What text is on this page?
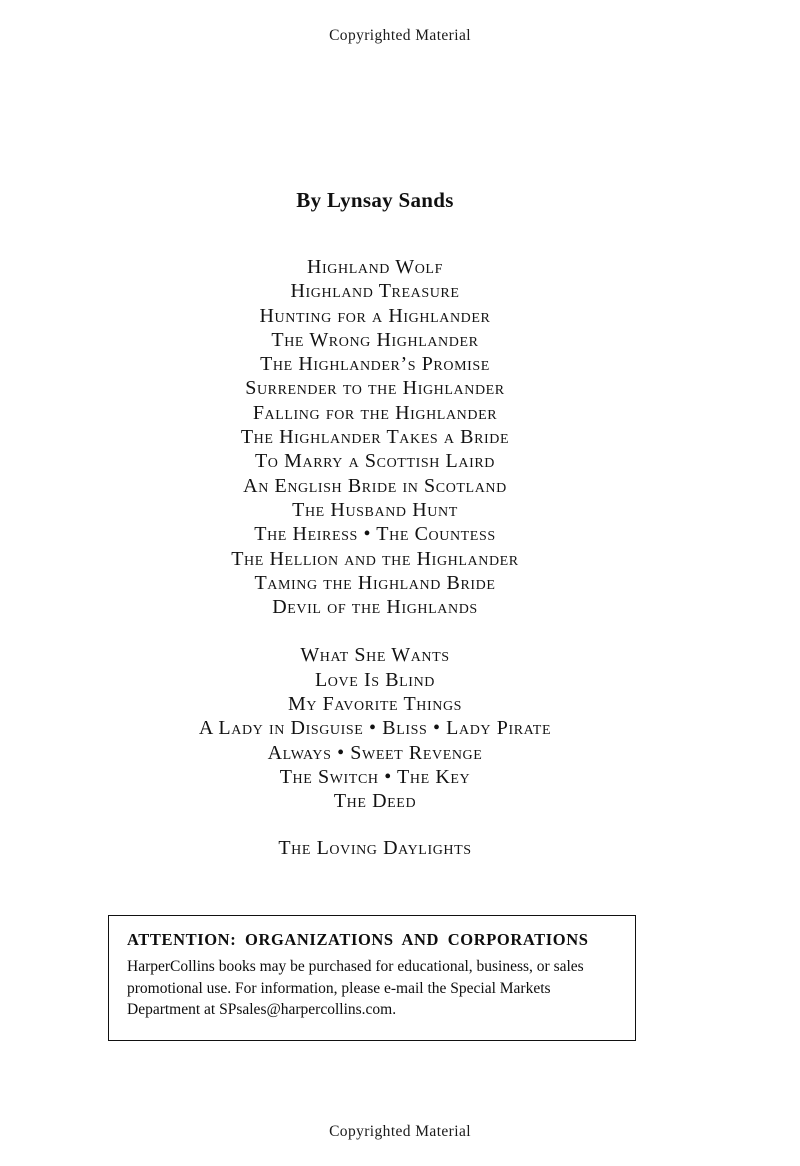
Copyrighted Material
By Lynsay Sands
Highland Wolf
Highland Treasure
Hunting for a Highlander
The Wrong Highlander
The Highlander’s Promise
Surrender to the Highlander
Falling for the Highlander
The Highlander Takes a Bride
To Marry a Scottish Laird
An English Bride in Scotland
The Husband Hunt
The Heiress • The Countess
The Hellion and the Highlander
Taming the Highland Bride
Devil of the Highlands
What She Wants
Love Is Blind
My Favorite Things
A Lady in Disguise • Bliss • Lady Pirate
Always • Sweet Revenge
The Switch • The Key
The Deed
The Loving Daylights
ATTENTION: ORGANIZATIONS AND CORPORATIONS
HarperCollins books may be purchased for educational, business, or sales promotional use. For information, please e-mail the Special Markets Department at SPsales@harpercollins.com.
Copyrighted Material
